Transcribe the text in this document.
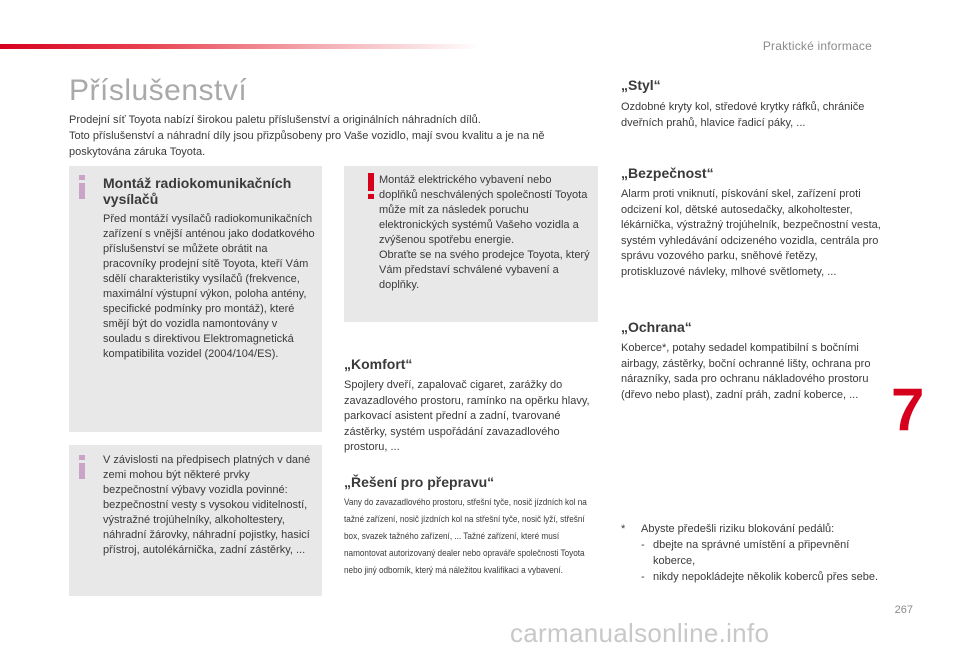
Praktické informace
Příslušenství

Prodejní síť Toyota nabízí širokou paletu příslušenství a originálních náhradních dílů.

Toto příslušenství a náhradní díly jsou přizpůsobeny pro Vaše vozidlo, mají svou kvalitu a je na ně poskytována záruka Toyota.

Montáž radiokomunikačních vysílačů

Před montáží vysílačů radiokomunikačních zařízení s vnější anténou jako dodatkového příslušenství se můžete obrátit na pracovníky prodejní sítě Toyota, kteří Vám sdělí charakteristiky vysílačů (frekvence, maximální výstupní výkon, poloha antény, specifické podmínky pro montáž), které smějí být do vozidla namontovány v souladu s direktivou Elektromagnetická kompatibilita vozidel (2004/104/ES).

Montáž elektrického vybavení nebo doplňků neschválených společností Toyota může mít za následek poruchu elektronických systémů Vašeho vozidla a zvýšenou spotřebu energie.

Obraťte se na svého prodejce Toyota, který Vám představí schválené vybavení a doplňky.

V závislosti na předpisech platných v dané zemi mohou být některé prvky bezpečnostní výbavy vozidla povinné: bezpečnostní vesty s vysokou viditelností, výstražné trojúhelníky, alkoholtestery, náhradní žárovky, náhradní pojistky, hasicí přístroj, autolékárnička, zadní zástěrky, ...

„Komfort“

Spojlery dveří, zapalovač cigaret, zarážky do zavazadlového prostoru, ramínko na opěrku hlavy, parkovací asistent přední a zadní, tvarované zástěrky, systém uspořádání zavazadlového prostoru, ...

„Řešení pro přepravu“

Vany do zavazadlového prostoru, střešní tyče, nosič jízdních kol na tažné zařízení, nosič jízdních kol na střešní tyče, nosič lyží, střešní box, svazek tažného zařízení, ... Tažné zařízení, které musí namontovat autorizovaný dealer nebo opravářе společnosti Toyota nebo jiný odborník, který má náležitou kvalifikaci a vybavení.

„Styl“

Ozdobné kryty kol, středové krytky ráfků, chrániče dveřních prahů, hlavice řadicí páky, ...

„Bezpečnost“

Alarm proti vniknutí, pískování skel, zařízení proti odcizení kol, dětské autosedačky, alkoholtester, lékárnička, výstražný trojúhelník, bezpečnostní vesta, systém vyhledávání odcizeného vozidla, centrála pro správu vozového parku, sněhové řetězy, protiskluzové návleky, mlhové světlomety, ...

„Ochrana“

Koberce*, potahy sedadel kompatibilní s bočními airbagy, zástěrky, boční ochranné lišty, ochrana pro nárazníky, sada pro ochranu nákladového prostoru (dřevo nebo plast), zadní práh, zadní koberce, ... 7
* Abyste předešli riziku blokování pedálů:
- dbejte na správné umístění a připevnění koberce,
- nikdy nepokládejte několik koberců přes sebe.
267
carmanualsonline.info
